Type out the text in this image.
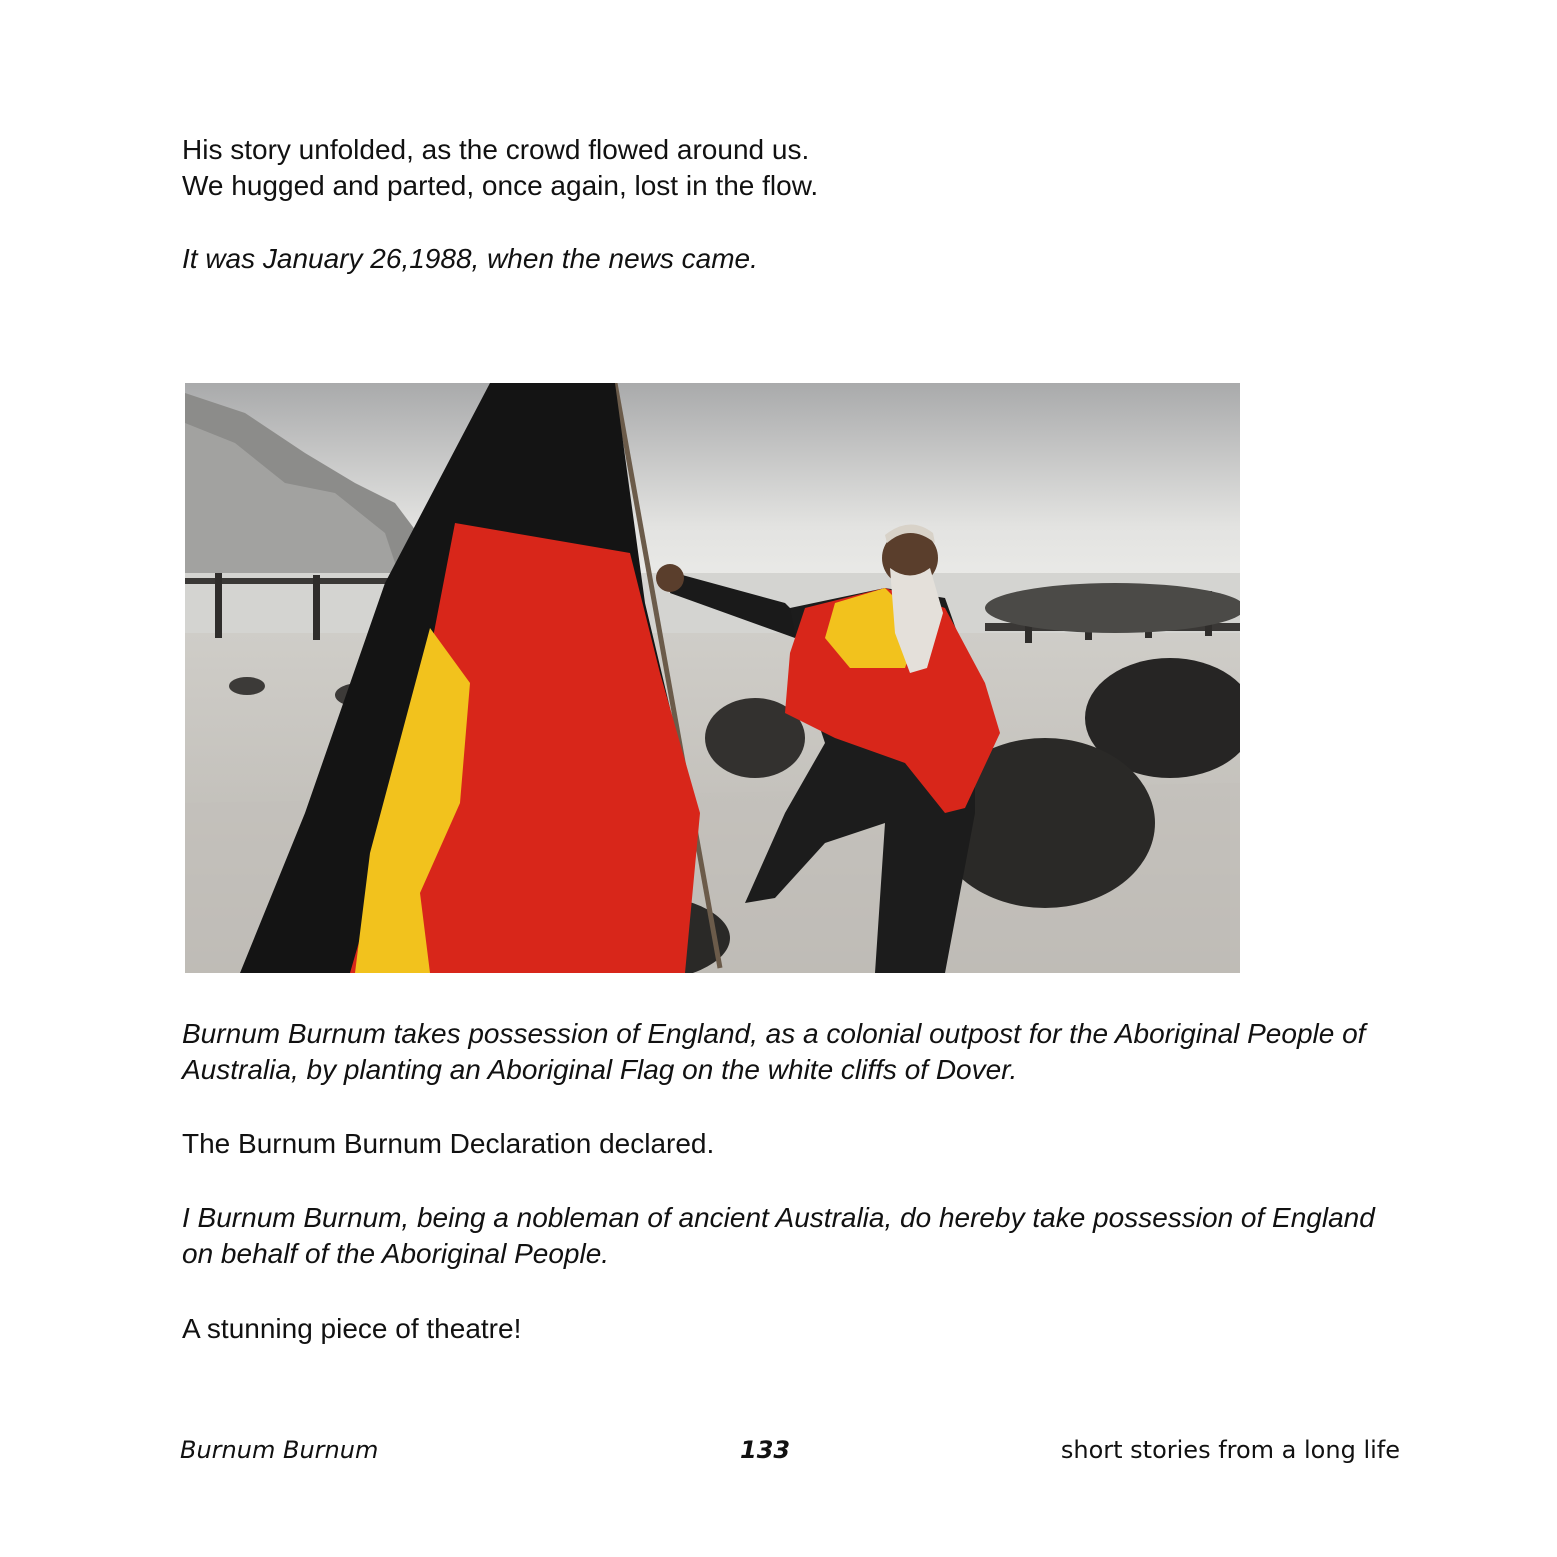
His story unfolded, as the crowd flowed around us.
We hugged and parted, once again, lost in the flow.
It was January 26,1988, when the news came.
Burnum Burnum takes possession of England, as a colonial outpost for the Aboriginal People of Australia, by planting an Aboriginal Flag on the white cliffs of Dover.
The Burnum Burnum Declaration declared.
I Burnum Burnum, being a nobleman of ancient Australia, do hereby take possession of England on behalf of the Aboriginal People.
A stunning piece of theatre!
Burnum Burnum	133	short stories from a long life
